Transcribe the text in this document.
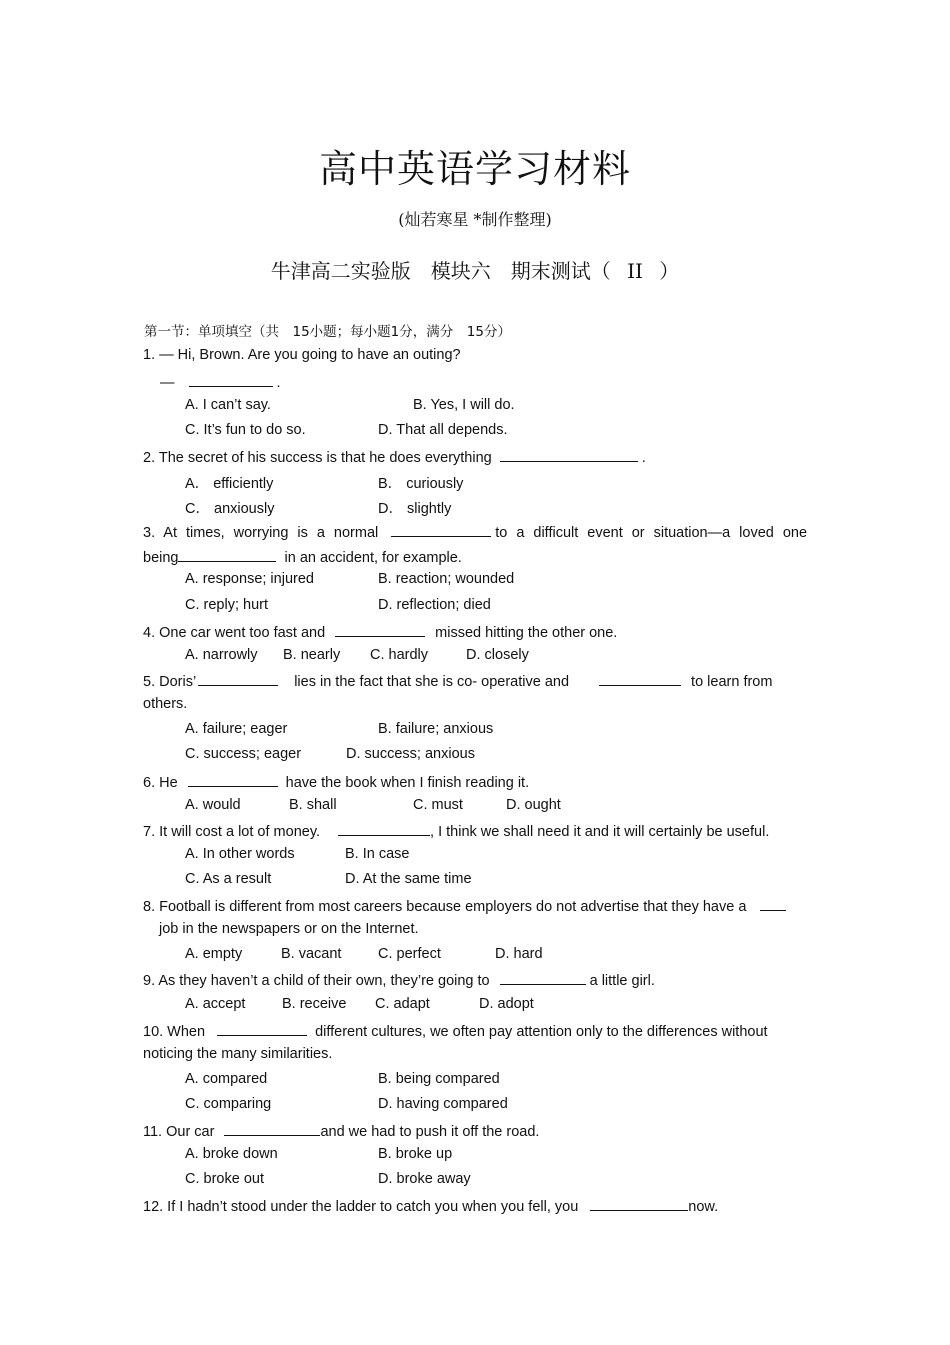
高中英语学习材料
(灿若寒星 *制作整理)
牛津高二实验版　模块六　期末测试（ II ）
第一节：单项填空（共　15小题；每小题1分，满分　15分）
1. — Hi, Brown. Are you going to have an outing?
—	.
A. I can’t say.	B. Yes, I will do.
C. It’s fun to do so.	D. That all depends.
2. The secret of his success is that he does everything	.
A． efficiently	B． curiously
C． anxiously	D． slightly
3. At times, worrying is a normal	to a difficult event or situation—a loved one
being	in an accident, for example.
A. response; injured	B. reaction; wounded
C. reply; hurt	D. reflection; died
4. One car went too fast and	missed hitting the other one.
A. narrowly B. nearly C. hardly	D. closely
5. Doris’	lies in the fact that she is co- operative and	to learn from
others.
A. failure; eager	B. failure; anxious
C. success; eager	D. success; anxious
6. He	have the book when I finish reading it.
A. would	B. shall	C. must	D. ought
7. It will cost a lot of money.	, I think we shall need it and it will certainly be useful.
A. In other words	B. In case
C. As a result	D. At the same time
8. Football is different from most careers because employers do not advertise that they have a
job in the newspapers or on the Internet.
A. empty	B. vacant	C. perfect	D. hard
9. As they haven’t a child of their own, they’re going to	a little girl.
A. accept	B. receive C. adapt	D. adopt
10. When	different cultures, we often pay attention only to the differences without
noticing the many similarities.
A. compared	B. being compared
C. comparing	D. having compared
11. Our car	and we had to push it off the road.
A. broke down	B. broke up
C. broke out	D. broke away
12. If I hadn’t stood under the ladder to catch you when you fell, you	now.
